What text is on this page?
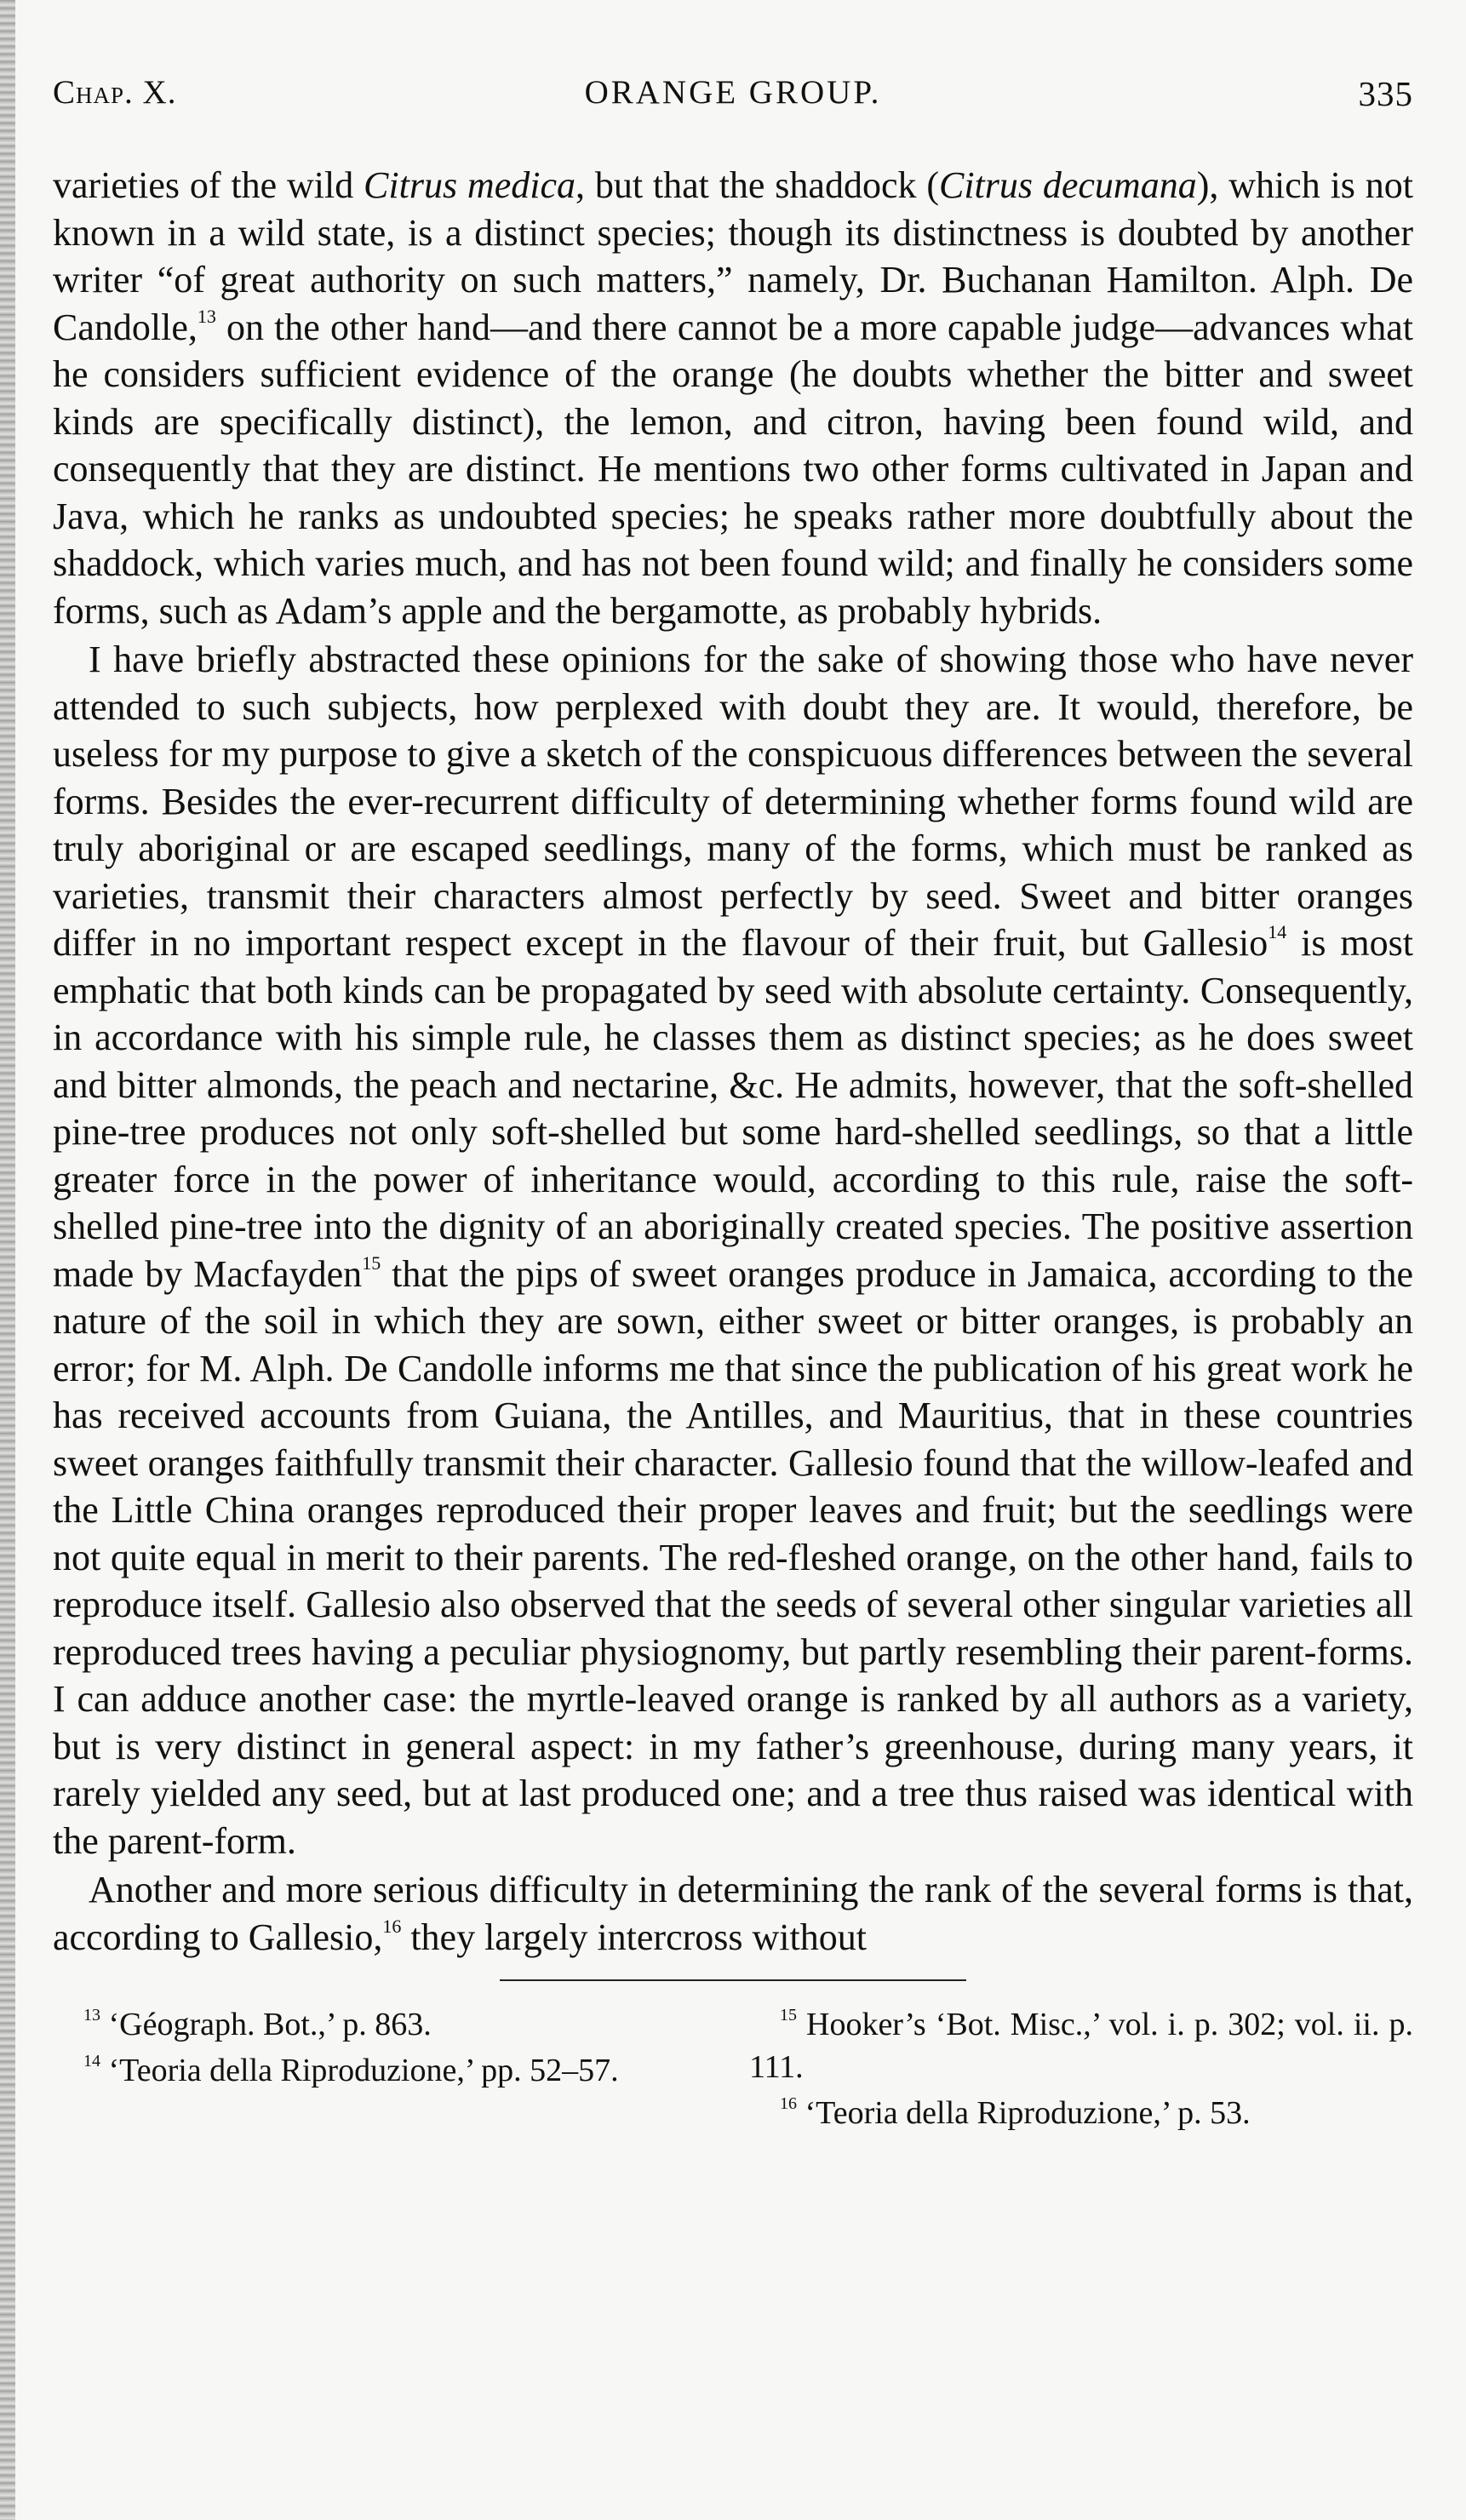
Chap. X.	ORANGE GROUP.	335

varieties of the wild Citrus medica, but that the shaddock (Citrus decumana), which is not known in a wild state, is a distinct species; though its distinctness is doubted by another writer “of great authority on such matters,” namely, Dr. Buchanan Hamilton. Alph. De Candolle,$^{13}$ on the other hand—and there cannot be a more capable judge—advances what he considers sufficient evidence of the orange (he doubts whether the bitter and sweet kinds are specifically distinct), the lemon, and citron, having been found wild, and consequently that they are distinct. He mentions two other forms cultivated in Japan and Java, which he ranks as undoubted species; he speaks rather more doubtfully about the shaddock, which varies much, and has not been found wild; and finally he considers some forms, such as Adam’s apple and the bergamotte, as probably hybrids.

I have briefly abstracted these opinions for the sake of showing those who have never attended to such subjects, how perplexed with doubt they are. It would, therefore, be useless for my purpose to give a sketch of the conspicuous differences between the several forms. Besides the ever-recurrent difficulty of determining whether forms found wild are truly aboriginal or are escaped seedlings, many of the forms, which must be ranked as varieties, transmit their characters almost perfectly by seed. Sweet and bitter oranges differ in no important respect except in the flavour of their fruit, but Gallesio$^{14}$ is most emphatic that both kinds can be propagated by seed with absolute certainty. Consequently, in accordance with his simple rule, he classes them as distinct species; as he does sweet and bitter almonds, the peach and nectarine, &c. He admits, however, that the soft-shelled pine-tree produces not only soft-shelled but some hard-shelled seedlings, so that a little greater force in the power of inheritance would, according to this rule, raise the soft-shelled pine-tree into the dignity of an aboriginally created species. The positive assertion made by Macfayden$^{15}$ that the pips of sweet oranges produce in Jamaica, according to the nature of the soil in which they are sown, either sweet or bitter oranges, is probably an error; for M. Alph. De Candolle informs me that since the publication of his great work he has received accounts from Guiana, the Antilles, and Mauritius, that in these countries sweet oranges faithfully transmit their character. Gallesio found that the willow-leafed and the Little China oranges reproduced their proper leaves and fruit; but the seedlings were not quite equal in merit to their parents. The red-fleshed orange, on the other hand, fails to reproduce itself. Gallesio also observed that the seeds of several other singular varieties all reproduced trees having a peculiar physiognomy, but partly resembling their parent-forms. I can adduce another case: the myrtle-leaved orange is ranked by all authors as a variety, but is very distinct in general aspect: in my father’s greenhouse, during many years, it rarely yielded any seed, but at last produced one; and a tree thus raised was identical with the parent-form.

Another and more serious difficulty in determining the rank of the several forms is that, according to Gallesio,$^{16}$ they largely intercross without

$^{13}$ ‘Géograph. Bot.,’ p. 863.

$^{14}$ ‘Teoria della Riproduzione,’ pp. 52–57.

$^{15}$ Hooker’s ‘Bot. Misc.,’ vol. i. p. 302; vol. ii. p. 111.

$^{16}$ ‘Teoria della Riproduzione,’ p. 53.
